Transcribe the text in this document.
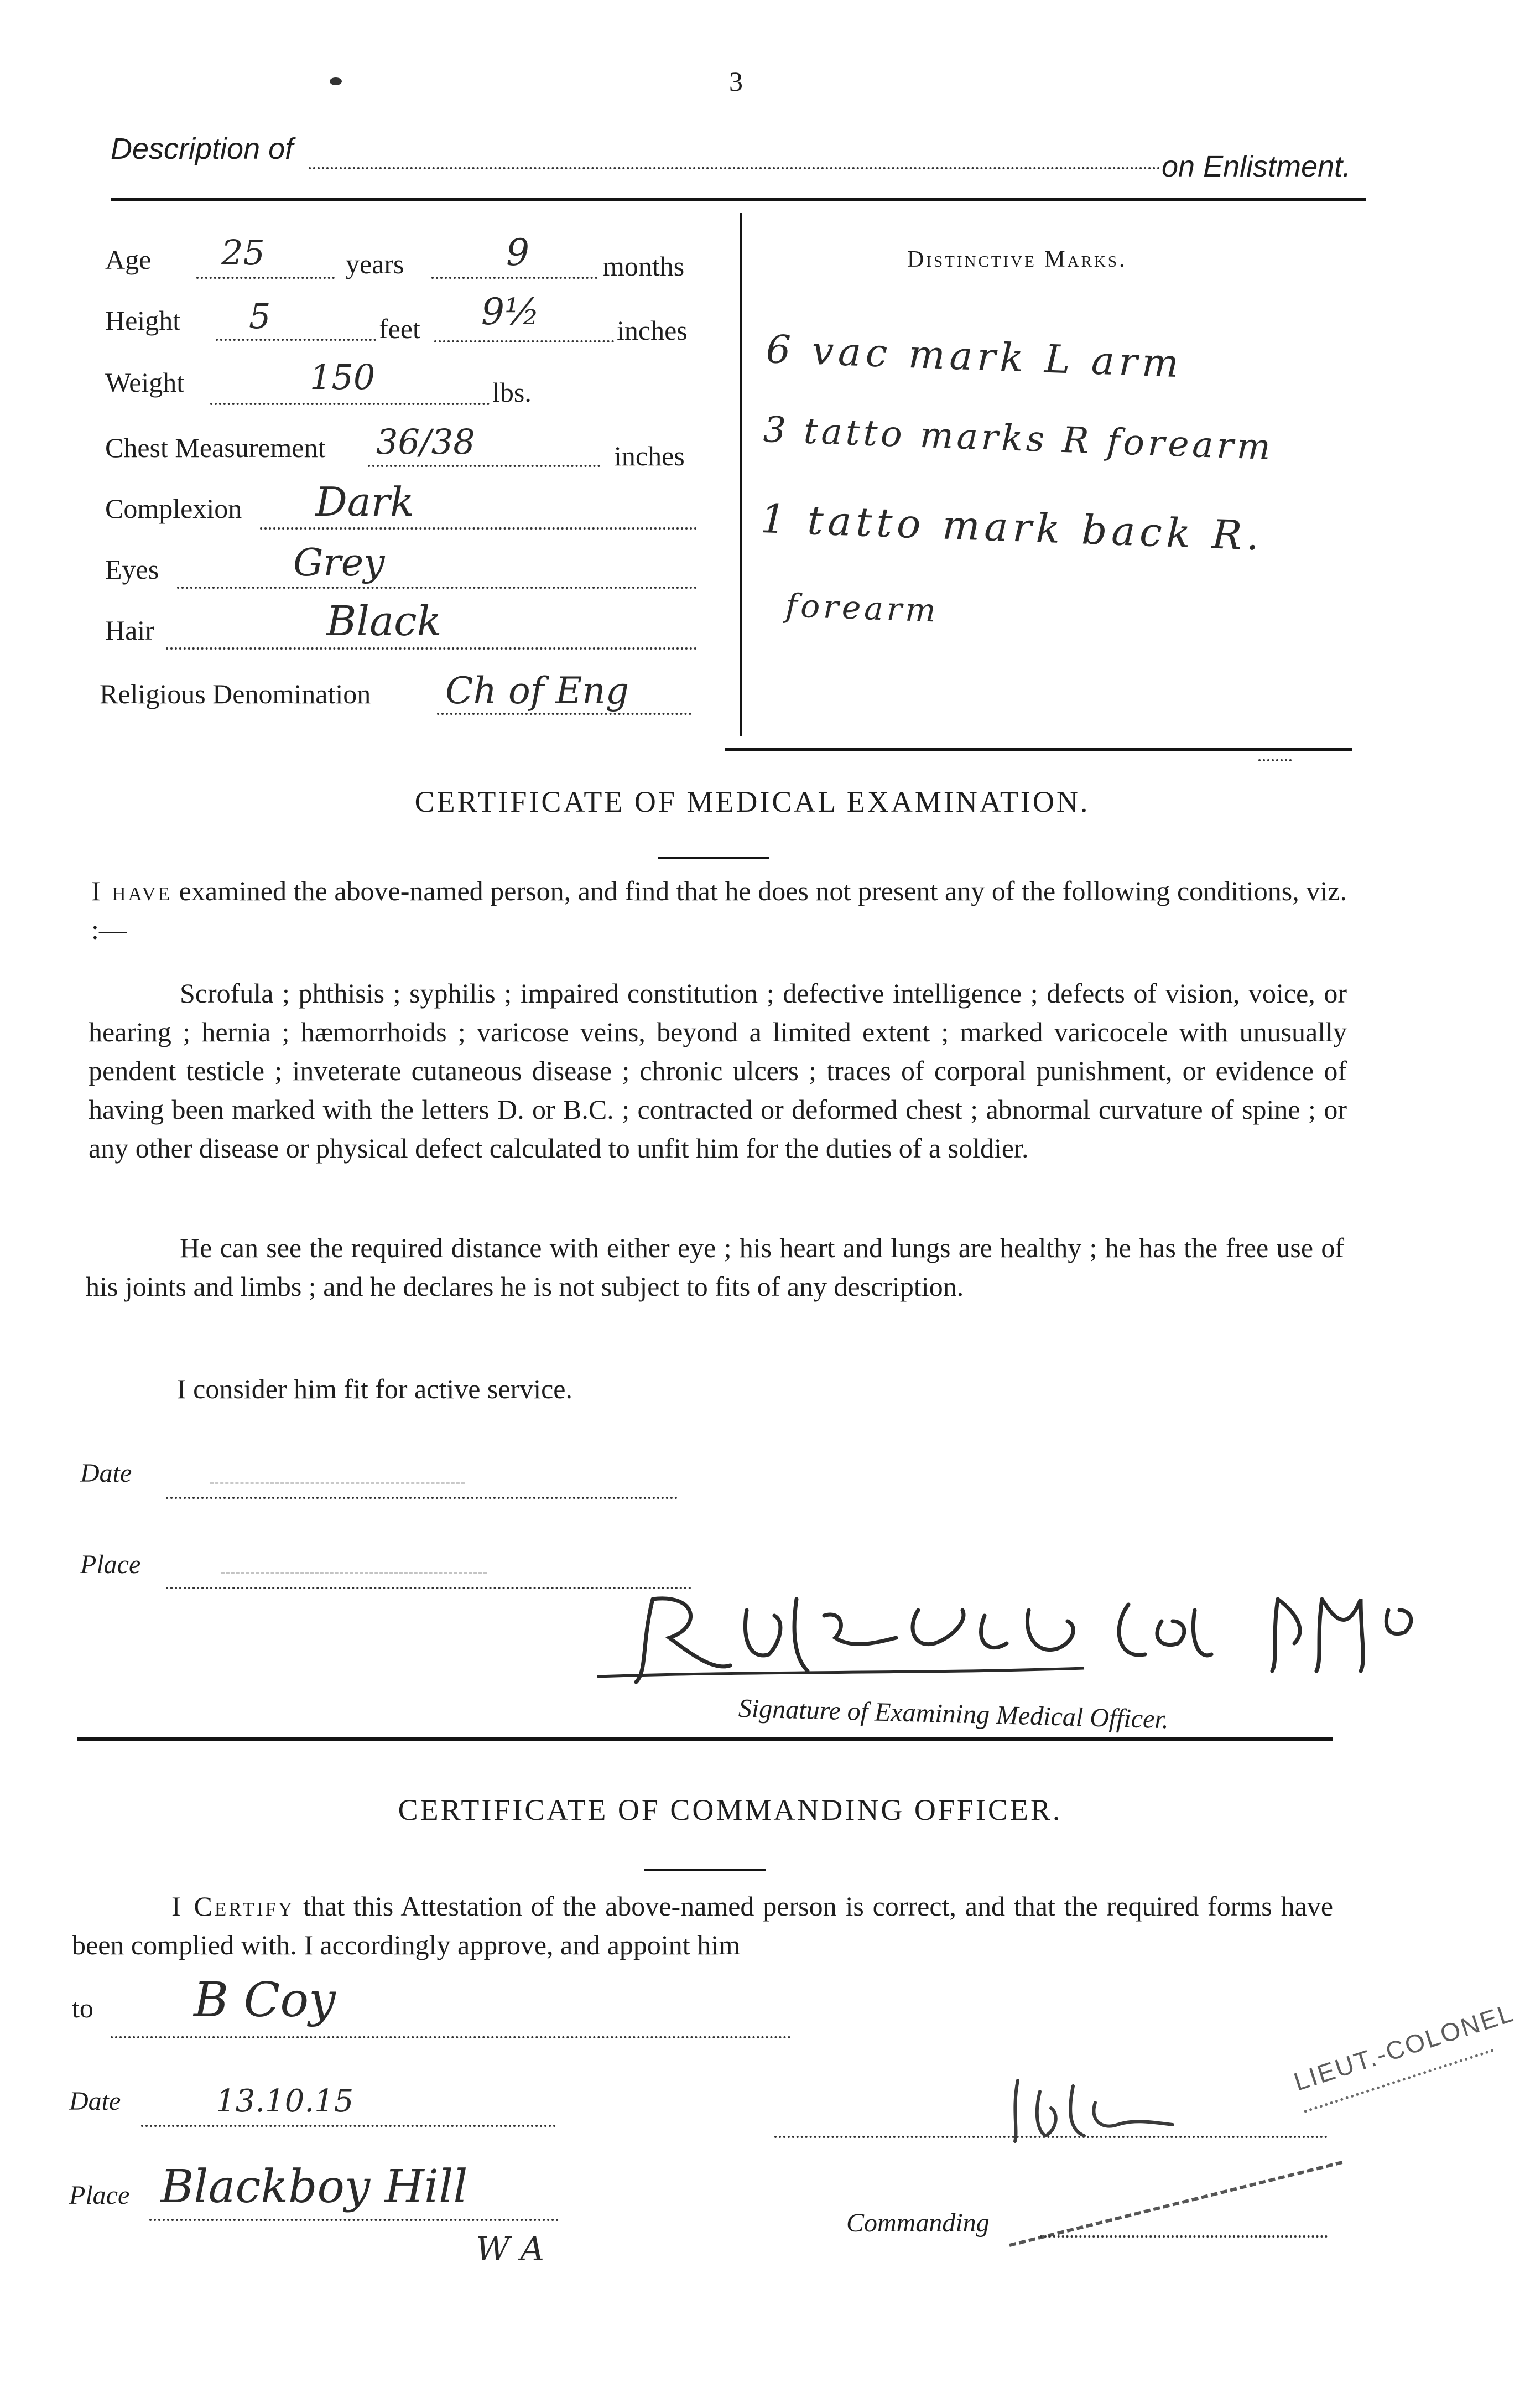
3
Description of
on Enlistment.
Age 25	years	9	months
Height 5	feet 9½	inches
Weight	150	lbs.
Chest Measurement 36/38	inches
Complexion Dark
Eyes	Grey
Hair	Black
Religious Denomination Ch of Eng
Distinctive Marks.
6 vac mark L arm
3 tatto marks R forearm
1 tatto mark back R.
forearm
CERTIFICATE OF MEDICAL EXAMINATION.
I have examined the above-named person, and find that he does not present any of the following conditions, viz. :—
Scrofula ; phthisis ; syphilis ; impaired constitution ; defective intelligence ; defects of vision, voice, or hearing ; hernia ; hæmorrhoids ; varicose veins, beyond a limited extent ; marked varicocele with unusually pendent testicle ; inveterate cutaneous disease ; chronic ulcers ; traces of corporal punishment, or evidence of having been marked with the letters D. or B.C. ; contracted or deformed chest ; abnormal curvature of spine ; or any other disease or physical defect calculated to unfit him for the duties of a soldier.
He can see the required distance with either eye ; his heart and lungs are healthy ; he has the free use of his joints and limbs ; and he declares he is not subject to fits of any description.
I consider him fit for active service.
Date
Place
Signature of Examining Medical Officer.
CERTIFICATE OF COMMANDING OFFICER.
I Certify that this Attestation of the above-named person is correct, and that the required forms have been complied with. I accordingly approve, and appoint him
to B Coy
Date	13.10.15
Place Blackboy Hill
W A
LIEUT.-COLONEL
Commanding
